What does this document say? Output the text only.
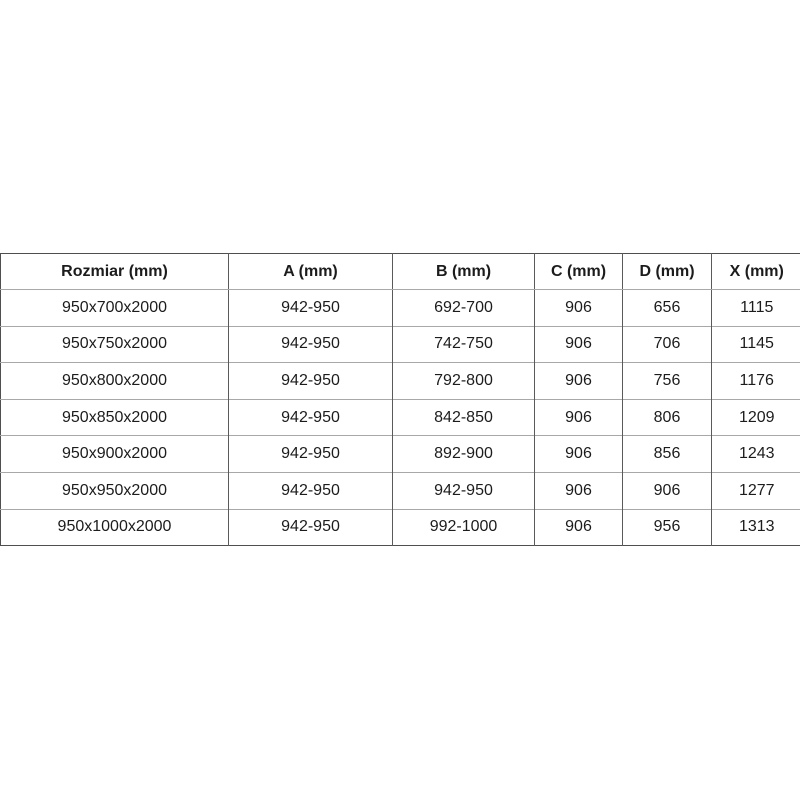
Rozmiar (mm)	A (mm)	B (mm)	C (mm)	D (mm)	X (mm)
950x700x2000	942-950	692-700	906	656	1115
950x750x2000	942-950	742-750	906	706	1145
950x800x2000	942-950	792-800	906	756	1176
950x850x2000	942-950	842-850	906	806	1209
950x900x2000	942-950	892-900	906	856	1243
950x950x2000	942-950	942-950	906	906	1277
950x1000x2000	942-950	992-1000	906	956	1313
